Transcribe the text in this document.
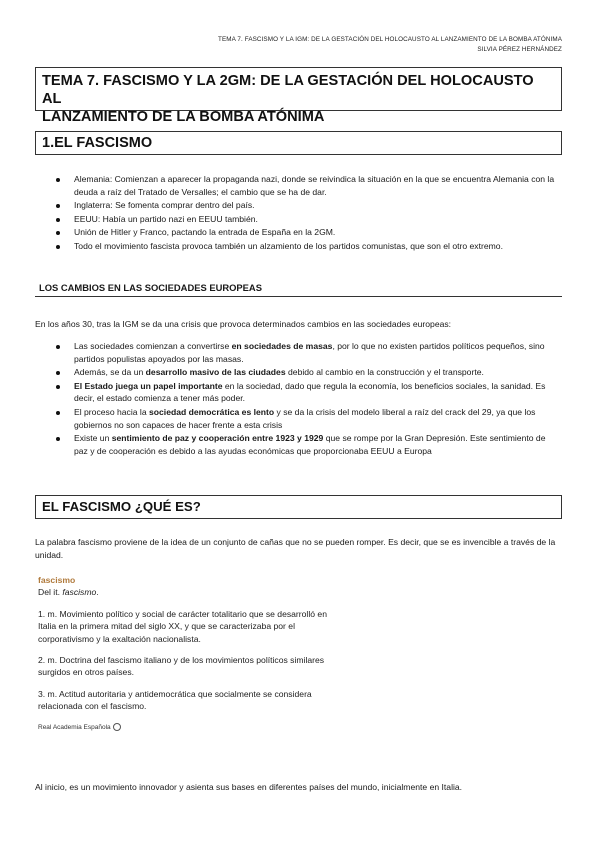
TEMA 7. FASCISMO Y LA IGM: DE LA GESTACIÓN DEL HOLOCAUSTO AL LANZAMIENTO DE LA BOMBA ATÓNIMA
SILVIA PÉREZ HERNÁNDEZ
TEMA 7. FASCISMO Y LA 2GM: DE LA GESTACIÓN DEL HOLOCAUSTO AL
LANZAMIENTO DE LA BOMBA ATÓNIMA
1.EL FASCISMO
Alemania: Comienzan a aparecer la propaganda nazi, donde se reivindica la situación en la que se encuentra Alemania con la deuda a raíz del Tratado de Versalles; el cambio que se ha de dar.
Inglaterra: Se fomenta comprar dentro del país.
EEUU: Había un partido nazi en EEUU también.
Unión de Hitler y Franco, pactando la entrada de España en la 2GM.
Todo el movimiento fascista provoca también un alzamiento de los partidos comunistas, que son el otro extremo.
LOS CAMBIOS EN LAS SOCIEDADES EUROPEAS
En los años 30, tras la IGM se da una crisis que provoca determinados cambios en las sociedades europeas:
Las sociedades comienzan a convertirse en sociedades de masas, por lo que no existen partidos políticos pequeños, sino partidos populistas apoyados por las masas.
Además, se da un desarrollo masivo de las ciudades debido al cambio en la construcción y el transporte.
El Estado juega un papel importante en la sociedad, dado que regula la economía, los beneficios sociales, la sanidad. Es decir, el estado comienza a tener más poder.
El proceso hacia la sociedad democrática es lento y se da la crisis del modelo liberal a raíz del crack del 29, ya que los gobiernos no son capaces de hacer frente a esta crisis
Existe un sentimiento de paz y cooperación entre 1923 y 1929 que se rompe por la Gran Depresión. Este sentimiento de paz y de cooperación es debido a las ayudas económicas que proporcionaba EEUU a Europa
EL FASCISMO ¿QUÉ ES?
La palabra fascismo proviene de la idea de un conjunto de cañas que no se pueden romper. Es decir, que se es invencible a través de la unidad.
fascismo
Del it. fascismo.
1. m. Movimiento político y social de carácter totalitario que se desarrolló en Italia en la primera mitad del siglo XX, y que se caracterizaba por el corporativismo y la exaltación nacionalista.
2. m. Doctrina del fascismo italiano y de los movimientos políticos similares surgidos en otros países.
3. m. Actitud autoritaria y antidemocrática que socialmente se considera relacionada con el fascismo.
Real Academia Española
Al inicio, es un movimiento innovador y asienta sus bases en diferentes países del mundo, inicialmente en Italia.
